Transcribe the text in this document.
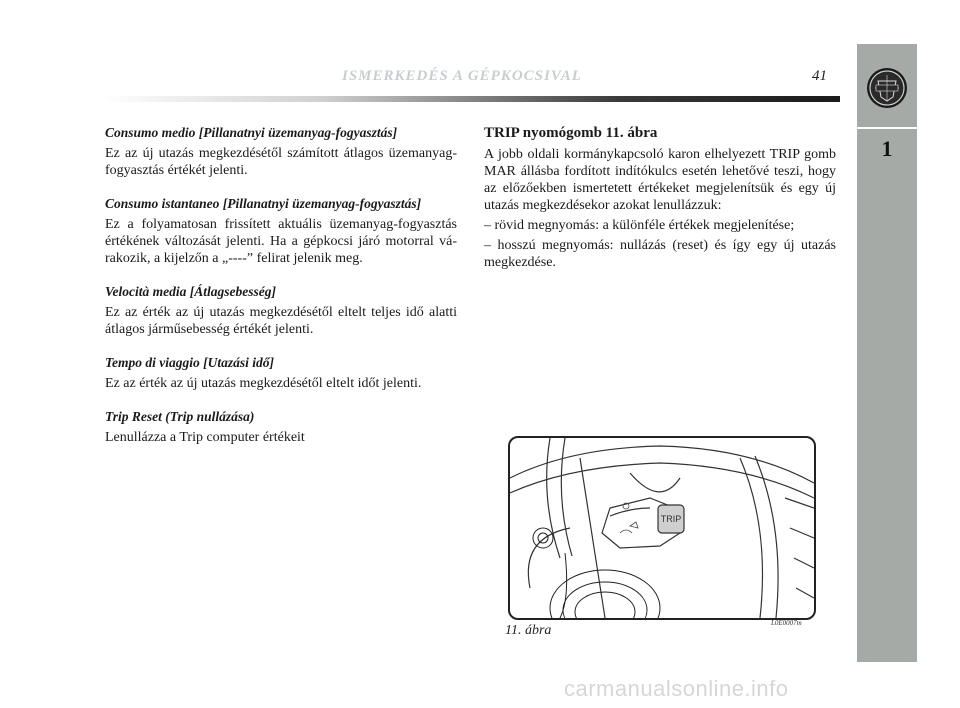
ISMERKEDÉS A GÉPKOCSIVAL	41
1

Consumo medio [Pillanatnyi üzemanyag-fogyasztás]

Ez az új utazás megkezdésétől számított átlagos üzemanyag-fogyasztás értékét jelenti.

Consumo istantaneo [Pillanatnyi üzemanyag-fogyasztás]

Ez a folyamatosan frissített aktuális üzemanyag-fogyasztás értékének változását jelenti. Ha a gépkocsi járó motorral vá-rakozik, a kijelzőn a „----” felirat jelenik meg.

Velocità media [Átlagsebesség]

Ez az érték az új utazás megkezdésétől eltelt teljes idő alatti átlagos járműsebesség értékét jelenti.

Tempo di viaggio [Utazási idő]

Ez az érték az új utazás megkezdésétől eltelt időt jelenti.

Trip Reset (Trip nullázása)

Lenullázza a Trip computer értékeit

TRIP nyomógomb 11. ábra

A jobb oldali kormánykapcsoló karon elhelyezett TRIP gomb MAR állásba fordított indítókulcs esetén lehetővé teszi, hogy az előzőekben ismertetett értékeket megjelenítsük és egy új utazás megkezdésekor azokat lenullázzuk:

– rövid megnyomás: a különféle értékek megjelenítése;

– hosszú megnyomás: nullázás (reset) és így egy új utazás megkezdése.

TRIP
11. ábra	L0E0007m
carmanualsonline.info
